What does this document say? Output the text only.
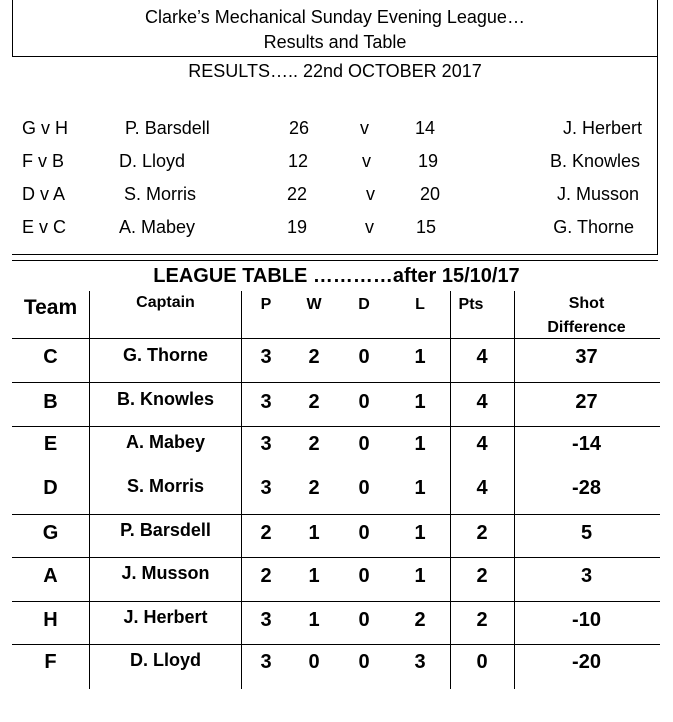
Clarke’s Mechanical Sunday Evening League…
Results and Table
RESULTS….. 22nd OCTOBER 2017
G v H	P. Barsdell	26	v	14	J. Herbert
F v B	D. Lloyd	12	v	19	B. Knowles
D v A	S. Morris	22	v	20	J. Musson
E v C	A. Mabey	19	v 15	G. Thorne
LEAGUE TABLE …………after 15/10/17
Team	Captain	P	W	D	L	Pts	Shot
Difference
C	G. Thorne	3	2	0	1	4	37
B	B. Knowles	3	2	0	1	4	27
E	A. Mabey	3	2	0	1	4	-14
D	S. Morris	3	2	0	1	4	-28
G	P. Barsdell	2	1	0	1	2	5
A	J. Musson	2	1	0	1	2	3
H	J. Herbert	3	1	0	2	2	-10
F	D. Lloyd	3	0	0	3	0	-20
